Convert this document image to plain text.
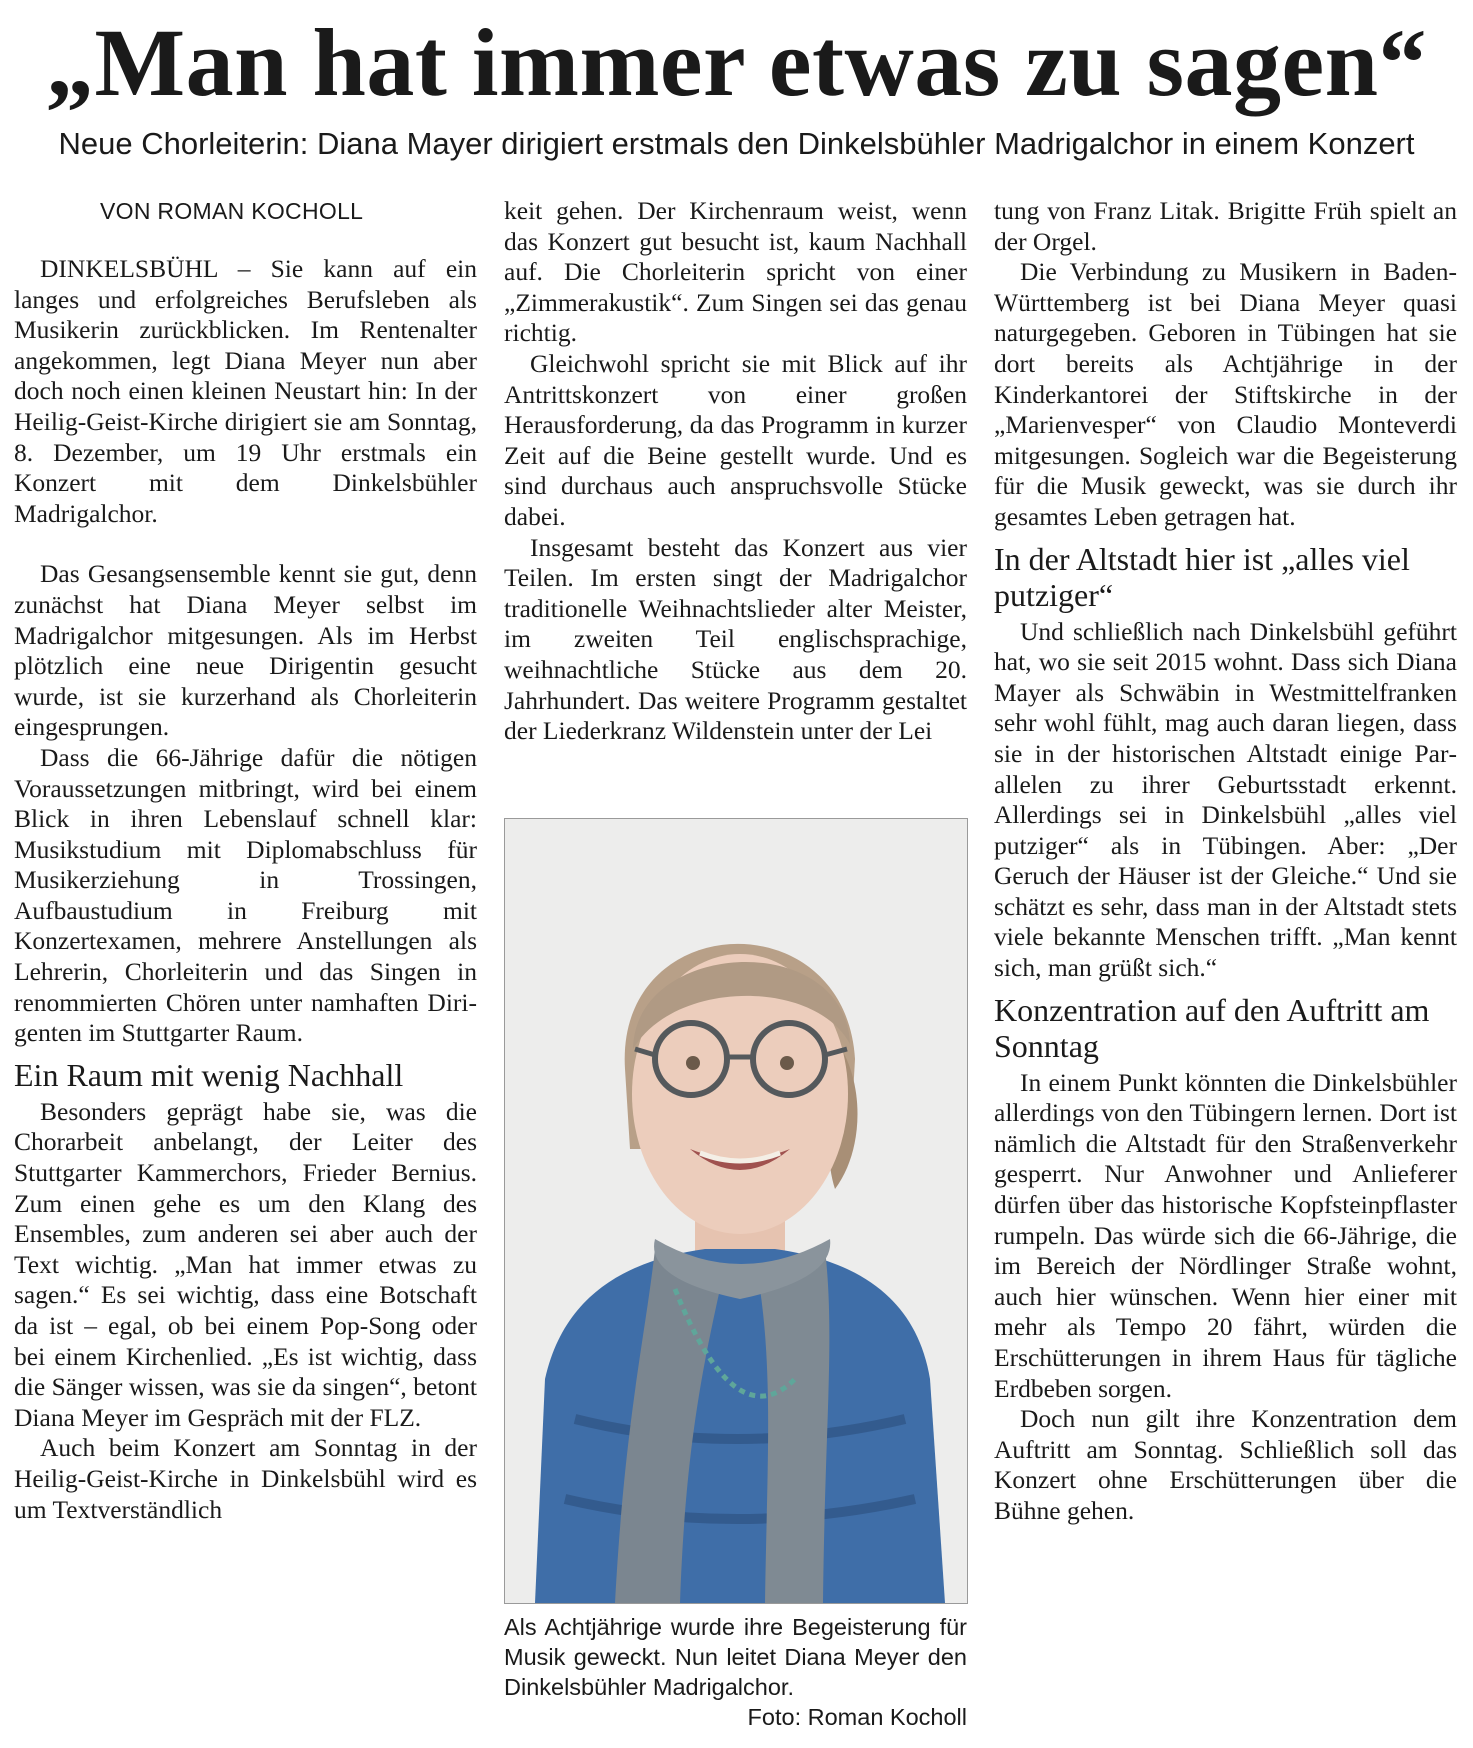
„Man hat immer etwas zu sagen“
Neue Chorleiterin: Diana Mayer dirigiert erstmals den Dinkelsbühler Madrigalchor in einem Konzert
VON ROMAN KOCHOLL

DINKELSBÜHL – Sie kann auf ein langes und erfolgreiches Berufsleben als Musikerin zurückblicken. Im Rentenalter angekommen, legt Diana Meyer nun aber doch noch einen kleinen Neustart hin: In der Heilig-Geist-Kirche dirigiert sie am Sonntag, 8. Dezember, um 19 Uhr erstmals ein Konzert mit dem Dinkelsbühler Madrigalchor.

Das Gesangsensemble kennt sie gut, denn zunächst hat Diana Meyer selbst im Madrigalchor mitgesungen. Als im Herbst plötzlich eine neue Dirigentin gesucht wurde, ist sie kurzerhand als Chorleiterin eingesprungen.

Dass die 66-Jährige dafür die nötigen Voraussetzungen mitbringt, wird bei einem Blick in ihren Lebenslauf schnell klar: Musikstudium mit Diplomabschluss für Musikerziehung in Trossingen, Aufbaustudium in Freiburg mit Konzertexamen, mehrere Anstellungen als Lehrerin, Chorleiterin und das Singen in renommierten Chören unter namhaften Dirigenten im Stuttgarter Raum.

Ein Raum mit wenig Nachhall

Besonders geprägt habe sie, was die Chorarbeit anbelangt, der Leiter des Stuttgarter Kammerchors, Frieder Bernius. Zum einen gehe es um den Klang des Ensembles, zum anderen sei aber auch der Text wichtig. „Man hat immer etwas zu sagen.“ Es sei wichtig, dass eine Botschaft da ist – egal, ob bei einem Pop-Song oder bei einem Kirchenlied. „Es ist wichtig, dass die Sänger wissen, was sie da singen“, betont Diana Meyer im Gespräch mit der FLZ.

Auch beim Konzert am Sonntag in der Heilig-Geist-Kirche in Dinkelsbühl wird es um Textverständlich

keit gehen. Der Kirchenraum weist, wenn das Konzert gut besucht ist, kaum Nachhall auf. Die Chorleiterin spricht von einer „Zimmerakustik“. Zum Singen sei das genau richtig.

Gleichwohl spricht sie mit Blick auf ihr Antrittskonzert von einer großen Herausforderung, da das Programm in kurzer Zeit auf die Beine gestellt wurde. Und es sind durchaus auch anspruchsvolle Stücke dabei.

Insgesamt besteht das Konzert aus vier Teilen. Im ersten singt der Madrigalchor traditionelle Weihnachtslieder alter Meister, im zweiten Teil englischsprachige, weihnachtliche Stücke aus dem 20. Jahrhundert. Das weitere Programm gestaltet der Liederkranz Wildenstein unter der Lei

Als Achtjährige wurde ihre Begeisterung für Musik geweckt. Nun leitet Diana Meyer den Dinkelsbühler Madrigalchor.
Foto: Roman Kocholl

tung von Franz Litak. Brigitte Früh spielt an der Orgel.

Die Verbindung zu Musikern in Baden-Württemberg ist bei Diana Meyer quasi naturgegeben. Geboren in Tübingen hat sie dort bereits als Achtjährige in der Kinderkantorei der Stiftskirche in der „Marienvesper“ von Claudio Monteverdi mitgesungen. Sogleich war die Begeisterung für die Musik geweckt, was sie durch ihr gesamtes Leben getragen hat.

In der Altstadt hier ist „alles viel putziger“

Und schließlich nach Dinkelsbühl geführt hat, wo sie seit 2015 wohnt. Dass sich Diana Mayer als Schwäbin in Westmittelfranken sehr wohl fühlt, mag auch daran liegen, dass sie in der historischen Altstadt einige Parallelen zu ihrer Geburtsstadt erkennt. Allerdings sei in Dinkelsbühl „alles viel putziger“ als in Tübingen. Aber: „Der Geruch der Häuser ist der Gleiche.“ Und sie schätzt es sehr, dass man in der Altstadt stets viele bekannte Menschen trifft. „Man kennt sich, man grüßt sich.“

Konzentration auf den Auftritt am Sonntag

In einem Punkt könnten die Dinkelsbühler allerdings von den Tübingern lernen. Dort ist nämlich die Altstadt für den Straßenverkehr gesperrt. Nur Anwohner und Anlieferer dürfen über das historische Kopfsteinpflaster rumpeln. Das würde sich die 66-Jährige, die im Bereich der Nördlinger Straße wohnt, auch hier wünschen. Wenn hier einer mit mehr als Tempo 20 fährt, würden die Erschütterungen in ihrem Haus für tägliche Erdbeben sorgen.

Doch nun gilt ihre Konzentration dem Auftritt am Sonntag. Schließlich soll das Konzert ohne Erschütterungen über die Bühne gehen.
